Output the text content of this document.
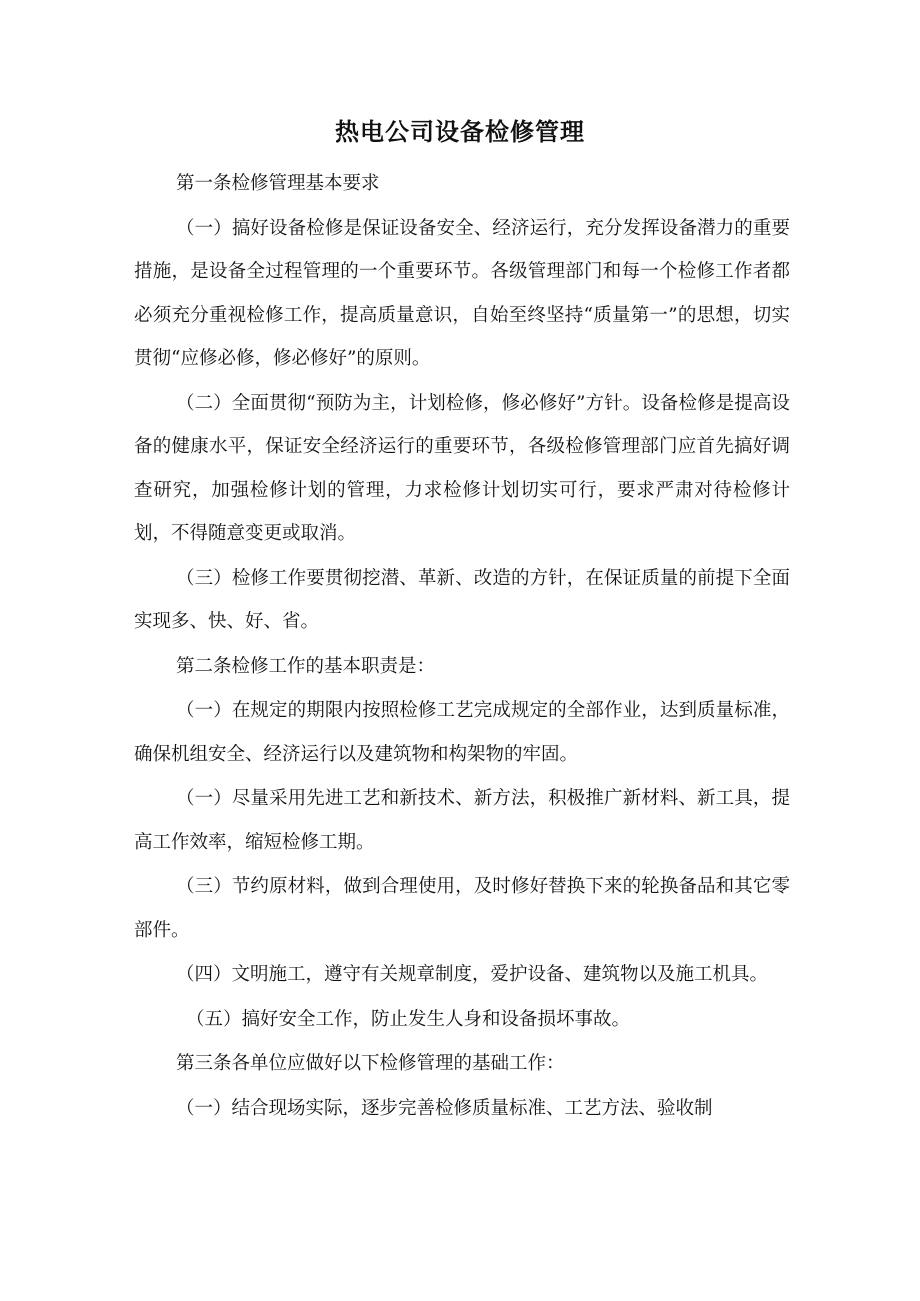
热电公司设备检修管理

第一条检修管理基本要求

（一）搞好设备检修是保证设备安全、经济运行，充分发挥设备潜力的重要措施，是设备全过程管理的一个重要环节。各级管理部门和每一个检修工作者都必须充分重视检修工作，提高质量意识，自始至终坚持“质量第一”的思想，切实贯彻“应修必修，修必修好”的原则。

（二）全面贯彻“预防为主，计划检修，修必修好”方针。设备检修是提高设备的健康水平，保证安全经济运行的重要环节，各级检修管理部门应首先搞好调查研究，加强检修计划的管理，力求检修计划切实可行，要求严肃对待检修计划，不得随意变更或取消。

（三）检修工作要贯彻挖潜、革新、改造的方针，在保证质量的前提下全面实现多、快、好、省。

第二条检修工作的基本职责是：

（一）在规定的期限内按照检修工艺完成规定的全部作业，达到质量标准，确保机组安全、经济运行以及建筑物和构架物的牢固。

（一）尽量采用先进工艺和新技术、新方法，积极推广新材料、新工具，提高工作效率，缩短检修工期。

（三）节约原材料，做到合理使用，及时修好替换下来的轮换备品和其它零部件。

（四）文明施工，遵守有关规章制度，爱护设备、建筑物以及施工机具。

（五）搞好安全工作，防止发生人身和设备损坏事故。

第三条各单位应做好以下检修管理的基础工作：

（一）结合现场实际，逐步完善检修质量标准、工艺方法、验收制
